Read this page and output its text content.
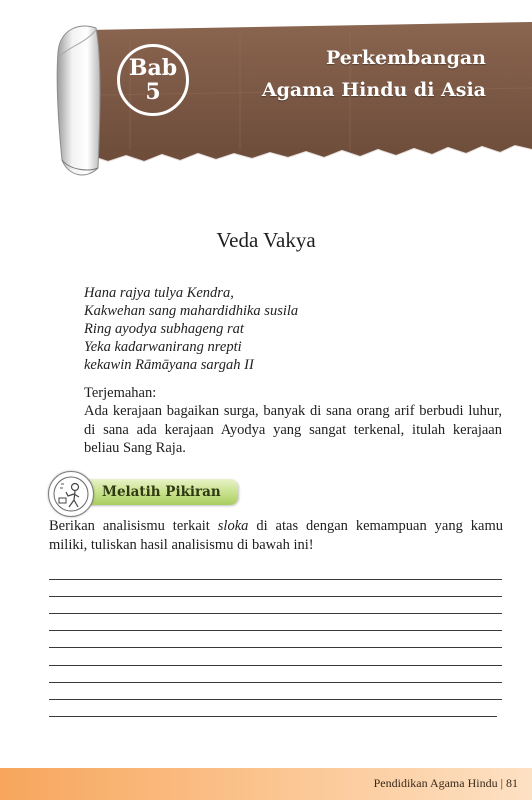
Bab
5
Perkembangan
Agama Hindu di Asia
Veda Vakya
Hana rajya tulya Kendra,
Kakwehan sang mahardidhika susila
Ring ayodya subhageng rat
Yeka kadarwanirang nrepti
kekawin Rāmāyana sargah II
Terjemahan:
Ada kerajaan bagaikan surga, banyak di sana orang arif berbudi luhur, di sana ada kerajaan Ayodya yang sangat terkenal, itulah kerajaan beliau Sang Raja.
Melatih Pikiran
Berikan analisismu terkait sloka di atas dengan kemampuan yang kamu miliki, tuliskan hasil analisismu di bawah ini!
Pendidikan Agama Hindu | 81
